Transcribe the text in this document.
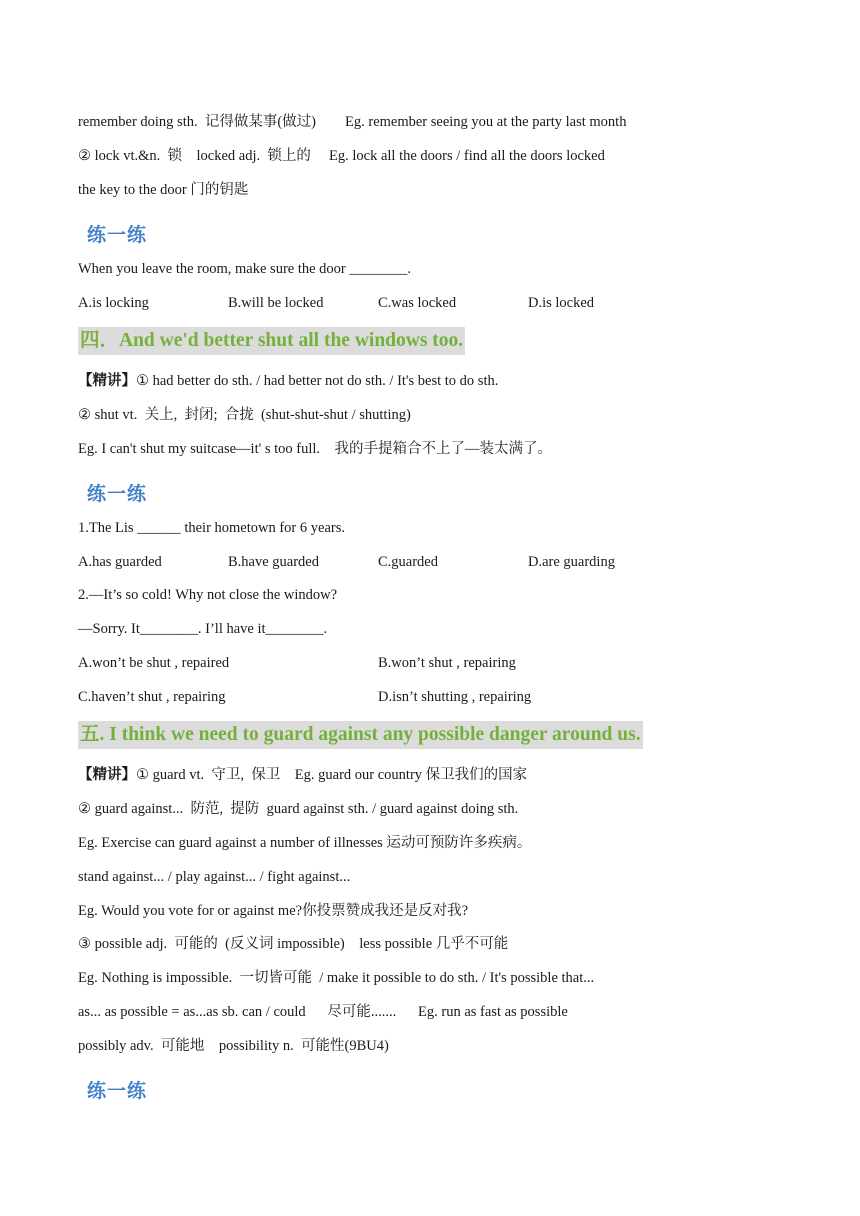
remember doing sth.  记得做某事(做过)        Eg. remember seeing you at the party last month
② lock vt.&n.  锁    locked adj.  锁上的     Eg. lock all the doors / find all the doors locked
the key to the door 门的钥匙
练一练
When you leave the room, make sure the door ________.
A.is locking	B.will be locked	C.was locked	D.is locked
四．And we'd better shut all the windows too.
【精讲】① had better do sth. / had better not do sth. / It's best to do sth.
② shut vt.  关上,  封闭;  合拢  (shut-shut-shut / shutting)
Eg. I can't shut my suitcase—it' s too full.    我的手提箱合不上了—装太满了。
练一练
1.The Lis ______ their hometown for 6 years.
A.has guarded	B.have guarded	C.guarded	D.are guarding
2.—It’s so cold! Why not close the window?
—Sorry. It________. I’ll have it________.
A.won’t be shut , repaired	B.won’t shut , repairing
C.haven’t shut , repairing	D.isn’t shutting , repairing
五. I think we need to guard against any possible danger around us.
【精讲】① guard vt.  守卫,  保卫    Eg. guard our country 保卫我们的国家
② guard against...  防范,  提防  guard against sth. / guard against doing sth.
Eg. Exercise can guard against a number of illnesses 运动可预防许多疾病。
stand against... / play against... / fight against...
Eg. Would you vote for or against me?你投票赞成我还是反对我?
③ possible adj.  可能的  (反义词 impossible)    less possible 几乎不可能
Eg. Nothing is impossible.  一切皆可能  / make it possible to do sth. / It's possible that...
as... as possible = as...as sb. can / could      尽可能.......      Eg. run as fast as possible
possibly adv.  可能地    possibility n.  可能性(9BU4)
练一练
